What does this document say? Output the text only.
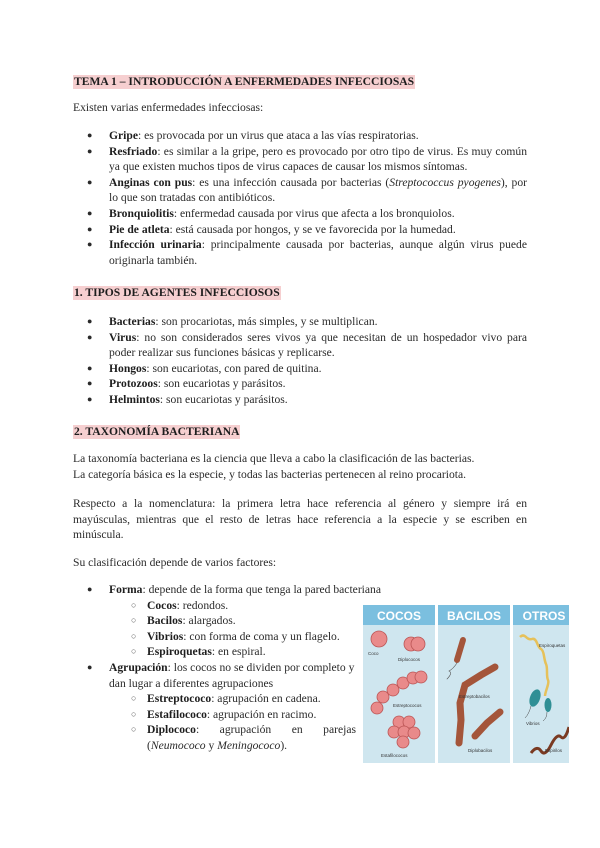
TEMA 1 – INTRODUCCIÓN A ENFERMEDADES INFECCIOSAS

Existen varias enfermedades infecciosas:

● Gripe: es provocada por un virus que ataca a las vías respiratorias.
● Resfriado: es similar a la gripe, pero es provocado por otro tipo de virus. Es muy común ya que existen muchos tipos de virus capaces de causar los mismos síntomas.
● Anginas con pus: es una infección causada por bacterias (Streptococcus pyogenes), por lo que son tratadas con antibióticos.
● Bronquiolitis: enfermedad causada por virus que afecta a los bronquiolos.
● Pie de atleta: está causada por hongos, y se ve favorecida por la humedad.
● Infección urinaria: principalmente causada por bacterias, aunque algún virus puede originarla también.
1. TIPOS DE AGENTES INFECCIOSOS
● Bacterias: son procariotas, más simples, y se multiplican.
● Virus: no son considerados seres vivos ya que necesitan de un hospedador vivo para poder realizar sus funciones básicas y replicarse.
● Hongos: son eucariotas, con pared de quitina.
● Protozoos: son eucariotas y parásitos.
● Helmintos: son eucariotas y parásitos.
2. TAXONOMÍA BACTERIANA

La taxonomía bacteriana es la ciencia que lleva a cabo la clasificación de las bacterias.

La categoría básica es la especie, y todas las bacterias pertenecen al reino procariota.

Respecto a la nomenclatura: la primera letra hace referencia al género y siempre irá en mayúsculas, mientras que el resto de letras hace referencia a la especie y se escriben en minúscula.

Su clasificación depende de varios factores:

● Forma: depende de la forma que tenga la pared bacteriana
○ Cocos: redondos.
○ Bacilos: alargados.
○ Vibrios: con forma de coma y un flagelo.
○ Espiroquetas: en espiral.
● Agrupación: los cocos no se dividen por completo y dan lugar a diferentes agrupaciones
○ Estreptococo: agrupación en cadena.
○ Estafilococo: agrupación en racimo.
○ Diplococo: agrupación en parejas (Neumococo y Meningococo).
COCOS
Coco
Diplococos
Estreptococos
Estafilococos
BACILOS
Estreptobacilos
Diplobacilos
OTROS
Espiroquetas
Vibrios
Espirilos
